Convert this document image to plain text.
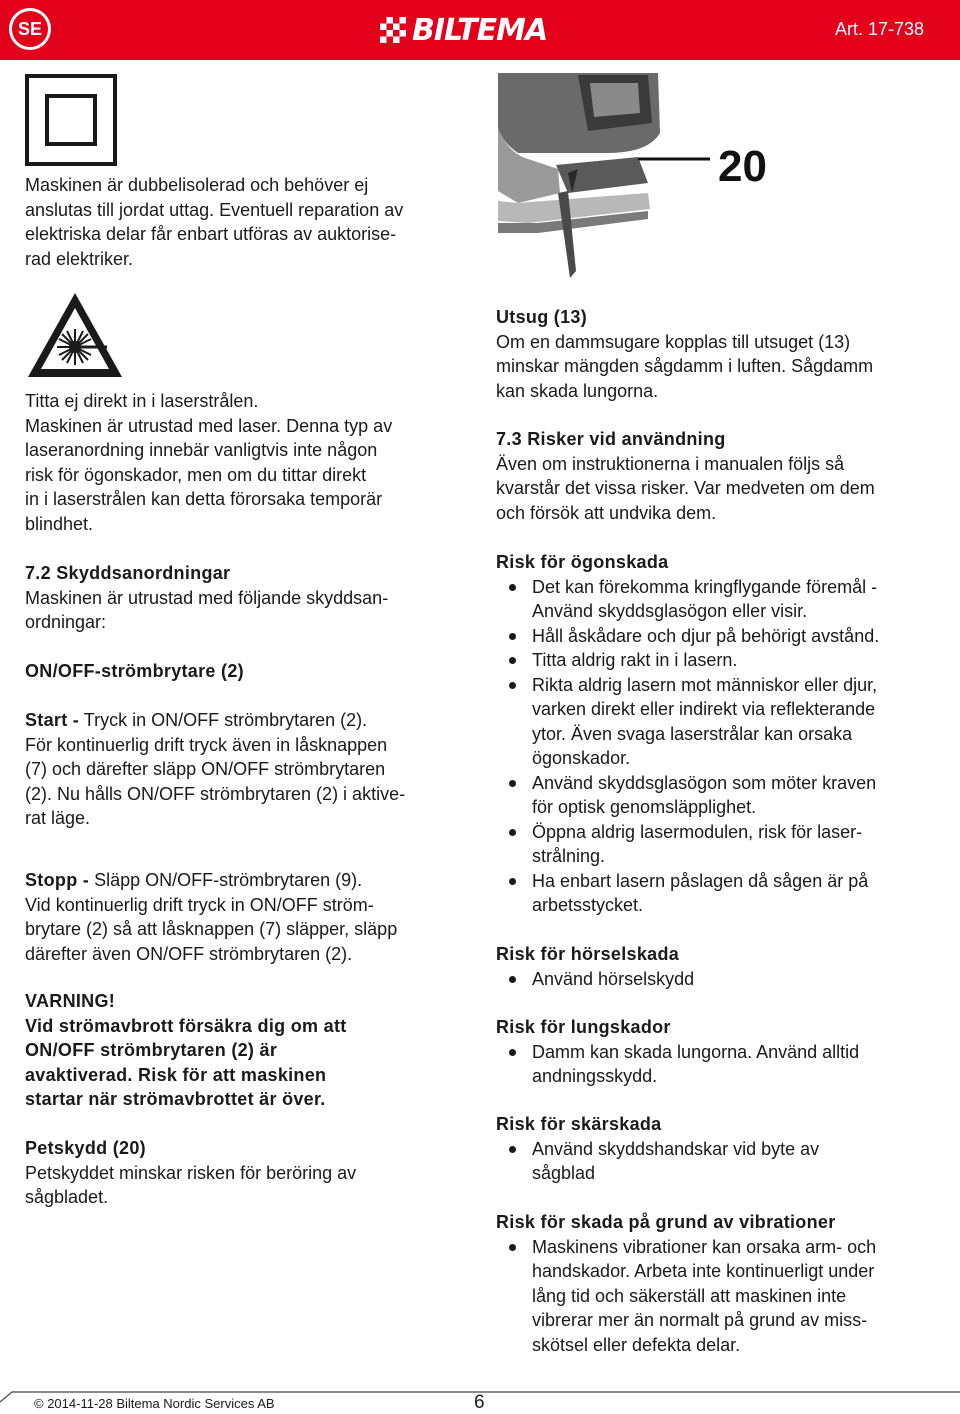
SE	BILTEMA	Art. 17-738
Maskinen är dubbelisolerad och behöver ej
anslutas till jordat uttag. Eventuell reparation av
elektriska delar får enbart utföras av auktorise-
rad elektriker.
Titta ej direkt in i laserstrålen.
Maskinen är utrustad med laser. Denna typ av
laseranordning innebär vanligtvis inte någon
risk för ögonskador, men om du tittar direkt
in i laserstrålen kan detta förorsaka temporär
blindhet.
7.2 Skyddsanordningar
Maskinen är utrustad med följande skyddsan-
ordningar:
ON/OFF-strömbrytare (2)
Start - Tryck in ON/OFF strömbrytaren (2).
För kontinuerlig drift tryck även in låsknappen
(7) och därefter släpp ON/OFF strömbrytaren
(2). Nu hålls ON/OFF strömbrytaren (2) i aktive-
rat läge.
Stopp - Släpp ON/OFF-strömbrytaren (9).
Vid kontinuerlig drift tryck in ON/OFF ström-
brytare (2) så att låsknappen (7) släpper, släpp
därefter även ON/OFF strömbrytaren (2).
VARNING!
Vid strömavbrott försäkra dig om att
ON/OFF strömbrytaren (2) är
avaktiverad. Risk för att maskinen
startar när strömavbrottet är över.
Petskydd (20)
Petskyddet minskar risken för beröring av
sågbladet.
20
Utsug (13)
Om en dammsugare kopplas till utsuget (13)
minskar mängden sågdamm i luften. Sågdamm
kan skada lungorna.
7.3 Risker vid användning
Även om instruktionerna i manualen följs så
kvarstår det vissa risker. Var medveten om dem
och försök att undvika dem.
Risk för ögonskada
Det kan förekomma kringflygande föremål -
Använd skyddsglasögon eller visir.
Håll åskådare och djur på behörigt avstånd.
Titta aldrig rakt in i lasern.
Rikta aldrig lasern mot människor eller djur,
varken direkt eller indirekt via reflekterande
ytor. Även svaga laserstrålar kan orsaka
ögonskador.
Använd skyddsglasögon som möter kraven
för optisk genomsläpplighet.
Öppna aldrig lasermodulen, risk för laser-
strålning.
Ha enbart lasern påslagen då sågen är på
arbetsstycket.
Risk för hörselskada
Använd hörselskydd
Risk för lungskador
Damm kan skada lungorna. Använd alltid
andningsskydd.
Risk för skärskada
Använd skyddshandskar vid byte av
sågblad
Risk för skada på grund av vibrationer
Maskinens vibrationer kan orsaka arm- och
handskador. Arbeta inte kontinuerligt under
lång tid och säkerställ att maskinen inte
vibrerar mer än normalt på grund av miss-
skötsel eller defekta delar.
© 2014-11-28 Biltema Nordic Services AB	6
